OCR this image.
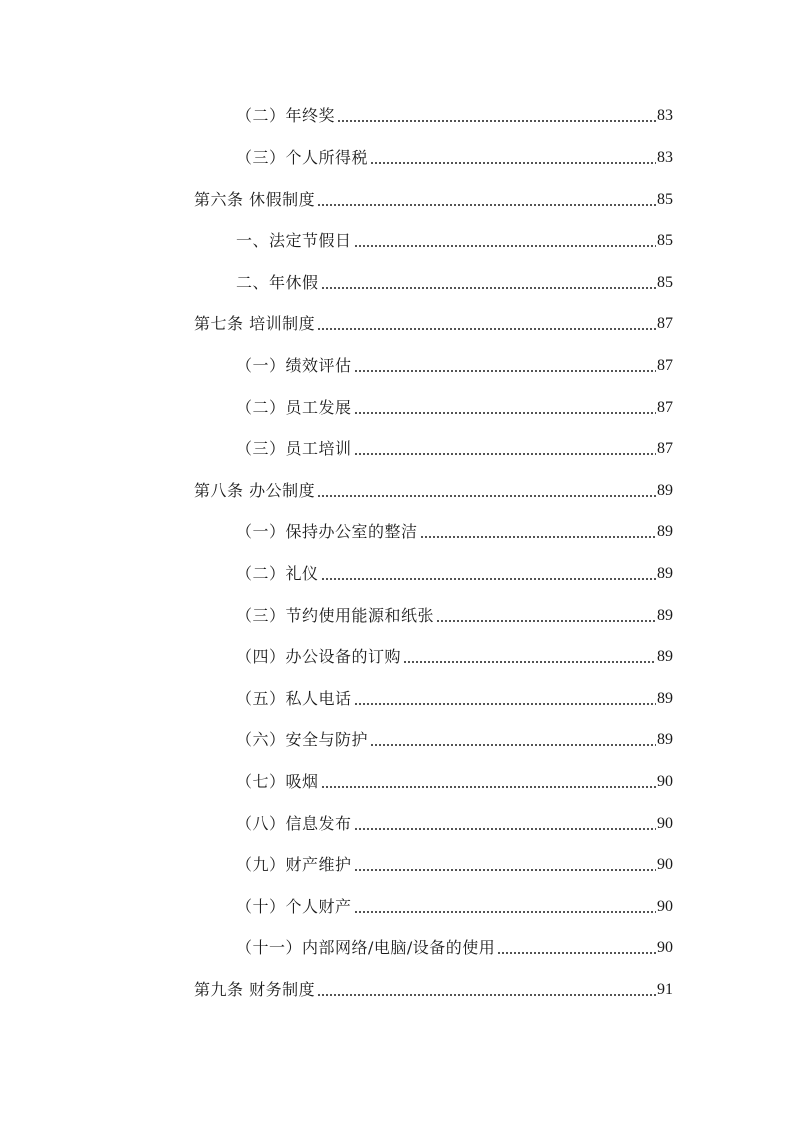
（二）年终奖	83
（三）个人所得税	83
第六条 休假制度	85
一、法定节假日	85
二、年休假	85
第七条 培训制度	87
（一）绩效评估	87
（二）员工发展	87
（三）员工培训	87
第八条 办公制度	89
（一）保持办公室的整洁	89
（二）礼仪	89
（三）节约使用能源和纸张	89
（四）办公设备的订购	89
（五）私人电话	89
（六）安全与防护	89
（七）吸烟	90
（八）信息发布	90
（九）财产维护	90
（十）个人财产	90
（十一）内部网络/电脑/设备的使用	90
第九条 财务制度	91
